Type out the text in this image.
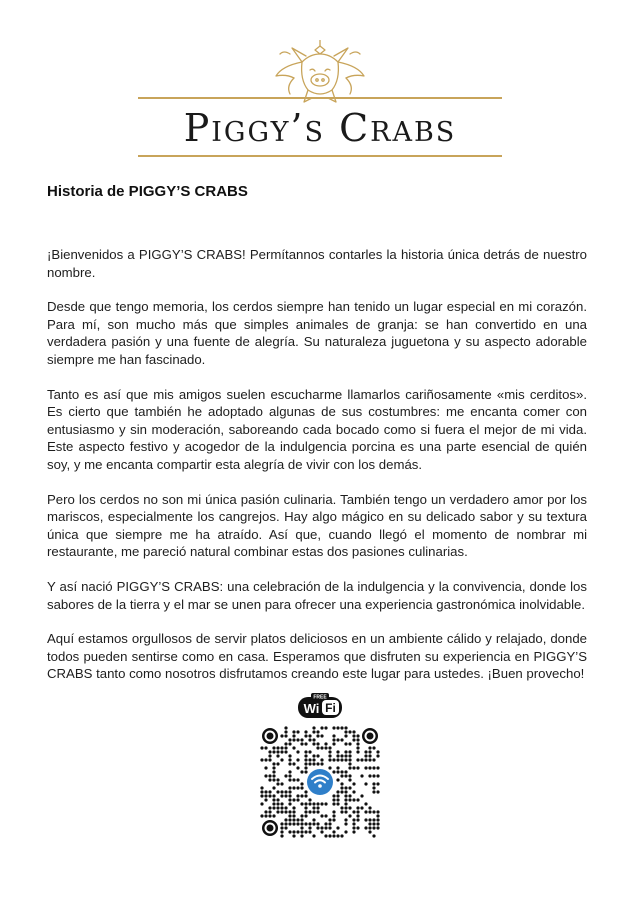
Piggy’s Crabs
Historia de PIGGY’S CRABS

¡Bienvenidos a PIGGY’S CRABS! Permítannos contarles la historia única detrás de nuestro nombre.

Desde que tengo memoria, los cerdos siempre han tenido un lugar especial en mi corazón. Para mí, son mucho más que simples animales de granja: se han convertido en una verdadera pasión y una fuente de alegría. Su naturaleza juguetona y su aspecto adorable siempre me han fascinado.

Tanto es así que mis amigos suelen escucharme llamarlos cariñosamente «mis cerditos». Es cierto que también he adoptado algunas de sus costumbres: me encanta comer con entusiasmo y sin moderación, saboreando cada bocado como si fuera el mejor de mi vida. Este aspecto festivo y acogedor de la indulgencia porcina es una parte esencial de quién soy, y me encanta compartir esta alegría de vivir con los demás.

Pero los cerdos no son mi única pasión culinaria. También tengo un verdadero amor por los mariscos, especialmente los cangrejos. Hay algo mágico en su delicado sabor y su textura única que siempre me ha atraído. Así que, cuando llegó el momento de nombrar mi restaurante, me pareció natural combinar estas dos pasiones culinarias.

Y así nació PIGGY’S CRABS: una celebración de la indulgencia y la convivencia, donde los sabores de la tierra y el mar se unen para ofrecer una experiencia gastronómica inolvidable.

Aquí estamos orgullosos de servir platos deliciosos en un ambiente cálido y relajado, donde todos pueden sentirse como en casa. Esperamos que disfruten su experiencia en PIGGY’S CRABS tanto como nosotros disfrutamos creando este lugar para ustedes. ¡Buen provecho!

FREE
Wi Fi
